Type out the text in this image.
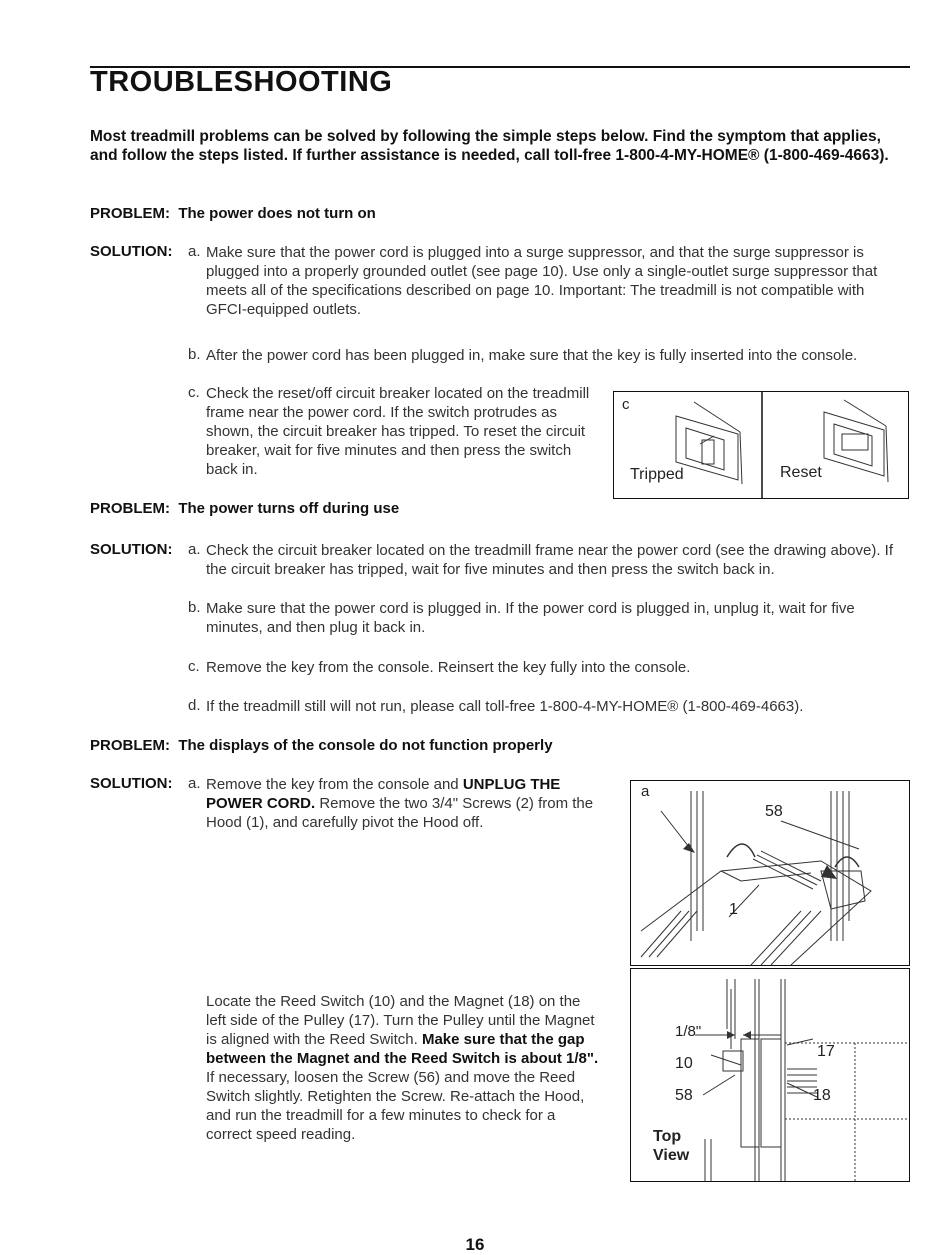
TROUBLESHOOTING
Most treadmill problems can be solved by following the simple steps below. Find the symptom that applies, and follow the steps listed. If further assistance is needed, call toll-free 1-800-4-MY-HOME® (1-800-469-4663).
PROBLEM: The power does not turn on
SOLUTION: a. Make sure that the power cord is plugged into a surge suppressor, and that the surge suppressor is plugged into a properly grounded outlet (see page 10). Use only a single-outlet surge suppressor that meets all of the specifications described on page 10. Important: The treadmill is not compatible with GFCI-equipped outlets.
b. After the power cord has been plugged in, make sure that the key is fully inserted into the console.
c. Check the reset/off circuit breaker located on the treadmill frame near the power cord. If the switch protrudes as shown, the circuit breaker has tripped. To reset the circuit breaker, wait for five minutes and then press the switch back in.
c
Tripped	Reset
PROBLEM: The power turns off during use
SOLUTION: a. Check the circuit breaker located on the treadmill frame near the power cord (see the drawing above). If the circuit breaker has tripped, wait for five minutes and then press the switch back in.
b. Make sure that the power cord is plugged in. If the power cord is plugged in, unplug it, wait for five minutes, and then plug it back in.
c. Remove the key from the console. Reinsert the key fully into the console.
d. If the treadmill still will not run, please call toll-free 1-800-4-MY-HOME® (1-800-469-4663).
PROBLEM: The displays of the console do not function properly
SOLUTION: a. Remove the key from the console and UNPLUG THE POWER CORD. Remove the two 3/4" Screws (2) from the Hood (1), and carefully pivot the Hood off.
a
58
1
Locate the Reed Switch (10) and the Magnet (18) on the left side of the Pulley (17). Turn the Pulley until the Magnet is aligned with the Reed Switch. Make sure that the gap between the Magnet and the Reed Switch is about 1/8". If necessary, loosen the Screw (56) and move the Reed Switch slightly. Retighten the Screw. Re-attach the Hood, and run the treadmill for a few minutes to check for a correct speed reading.
1/8"
10
17
58	18
Top
View
16
